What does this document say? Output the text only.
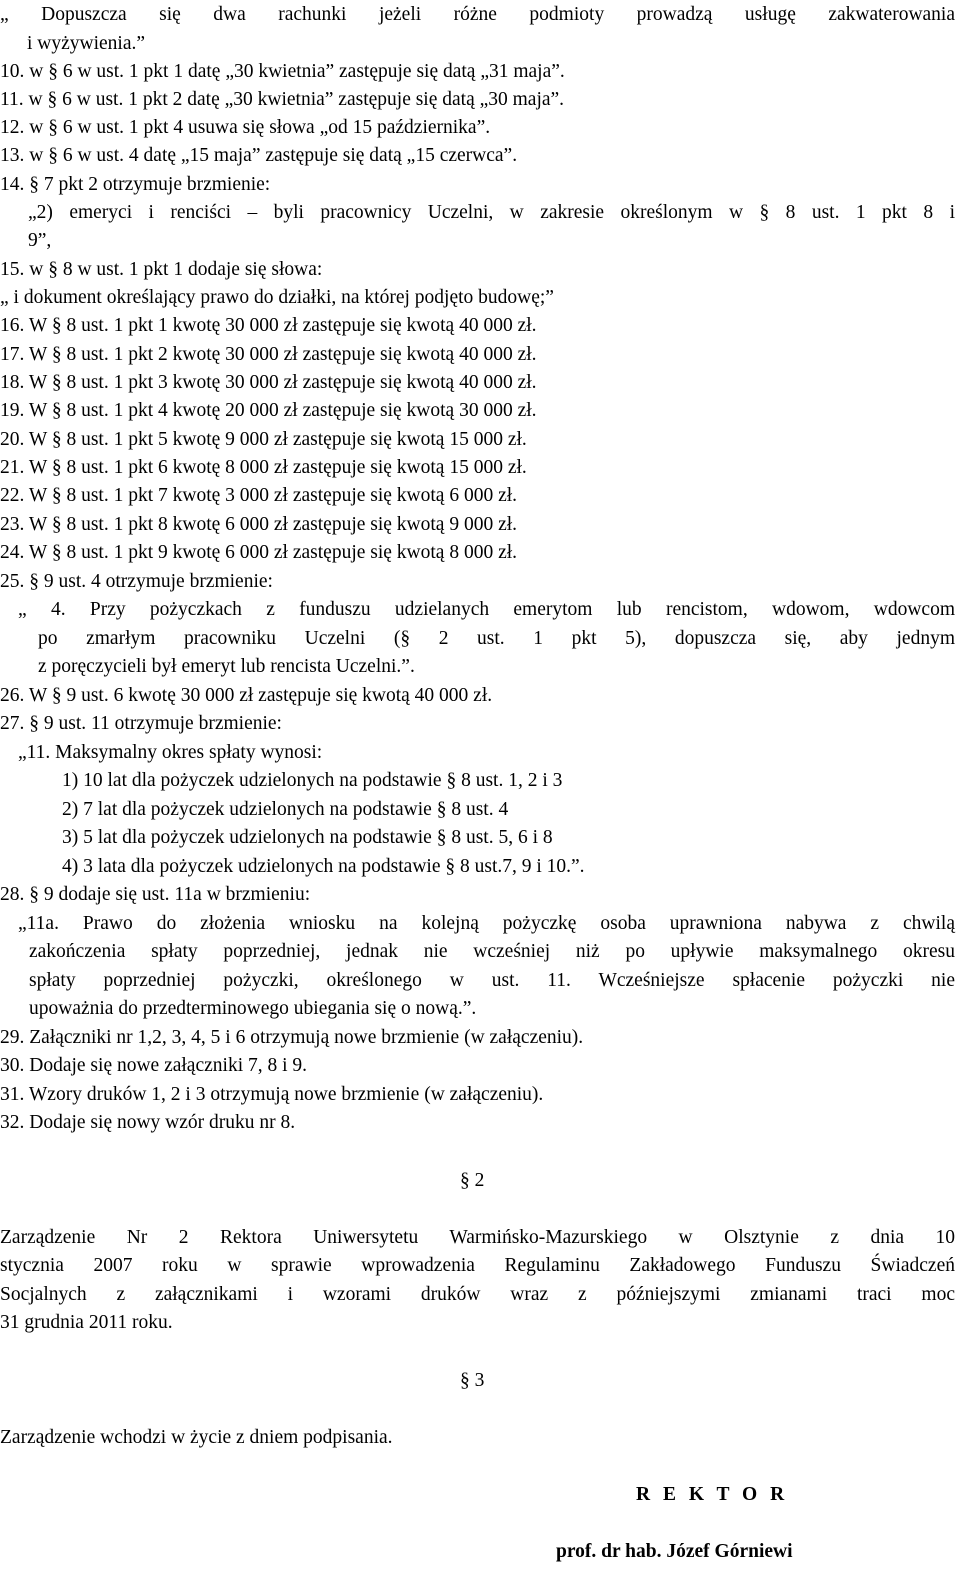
„ Dopuszcza się dwa rachunki jeżeli różne podmioty prowadzą usługę zakwaterowania
i wyżywienia.”
10. w § 6 w ust. 1 pkt 1 datę „30 kwietnia” zastępuje się datą „31 maja”.
11. w § 6 w ust. 1 pkt 2 datę „30 kwietnia” zastępuje się datą „30 maja”.
12. w § 6 w ust. 1 pkt 4 usuwa się słowa „od 15 października”.
13. w § 6 w ust. 4 datę „15 maja” zastępuje się datą „15 czerwca”.
14. § 7 pkt 2 otrzymuje brzmienie:
„2) emeryci i renciści – byli pracownicy Uczelni, w zakresie określonym w § 8 ust. 1 pkt 8 i
9”,
15. w § 8 w ust. 1 pkt 1 dodaje się słowa:
„ i dokument określający prawo do działki, na której podjęto budowę;”
16. W § 8 ust. 1 pkt 1 kwotę 30 000 zł zastępuje się kwotą 40 000 zł.
17. W § 8 ust. 1 pkt 2 kwotę 30 000 zł zastępuje się kwotą 40 000 zł.
18. W § 8 ust. 1 pkt 3 kwotę 30 000 zł zastępuje się kwotą 40 000 zł.
19. W § 8 ust. 1 pkt 4 kwotę 20 000 zł zastępuje się kwotą 30 000 zł.
20. W § 8 ust. 1 pkt 5 kwotę 9 000 zł zastępuje się kwotą 15 000 zł.
21. W § 8 ust. 1 pkt 6 kwotę 8 000 zł zastępuje się kwotą 15 000 zł.
22. W § 8 ust. 1 pkt 7 kwotę 3 000 zł zastępuje się kwotą 6 000 zł.
23. W § 8 ust. 1 pkt 8 kwotę 6 000 zł zastępuje się kwotą 9 000 zł.
24. W § 8 ust. 1 pkt 9 kwotę 6 000 zł zastępuje się kwotą 8 000 zł.
25. § 9 ust. 4 otrzymuje brzmienie:
„ 4. Przy pożyczkach z funduszu udzielanych emerytom lub rencistom, wdowom, wdowcom
po zmarłym pracowniku Uczelni (§ 2 ust. 1 pkt 5), dopuszcza się, aby jednym
z poręczycieli był emeryt lub rencista Uczelni.”.
26. W § 9 ust. 6 kwotę 30 000 zł zastępuje się kwotą 40 000 zł.
27. § 9 ust. 11 otrzymuje brzmienie:
„11. Maksymalny okres spłaty wynosi:
1) 10 lat dla pożyczek udzielonych na podstawie § 8 ust. 1, 2 i 3
2) 7 lat dla pożyczek udzielonych na podstawie § 8 ust. 4
3) 5 lat dla pożyczek udzielonych na podstawie § 8 ust. 5, 6 i 8
4) 3 lata dla pożyczek udzielonych na podstawie § 8 ust.7, 9 i 10.”.
28. § 9 dodaje się ust. 11a w brzmieniu:
„11a. Prawo do złożenia wniosku na kolejną pożyczkę osoba uprawniona nabywa z chwilą
zakończenia spłaty poprzedniej, jednak nie wcześniej niż po upływie maksymalnego okresu
spłaty poprzedniej pożyczki, określonego w ust. 11. Wcześniejsze spłacenie pożyczki nie
upoważnia do przedterminowego ubiegania się o nową.”.
29. Załączniki nr 1,2, 3, 4, 5 i 6 otrzymują nowe brzmienie (w załączeniu).
30. Dodaje się nowe załączniki 7, 8 i 9.
31. Wzory druków 1, 2 i 3 otrzymują nowe brzmienie (w załączeniu).
32. Dodaje się nowy wzór druku nr 8.
§ 2
Zarządzenie Nr 2 Rektora Uniwersytetu Warmińsko-Mazurskiego w Olsztynie z dnia 10
stycznia 2007 roku w sprawie wprowadzenia Regulaminu Zakładowego Funduszu Świadczeń
Socjalnych z załącznikami i wzorami druków wraz z późniejszymi zmianami traci moc
31 grudnia 2011 roku.
§ 3
Zarządzenie wchodzi w życie z dniem podpisania.
R E K T O R
prof. dr hab. Józef Górniewi
